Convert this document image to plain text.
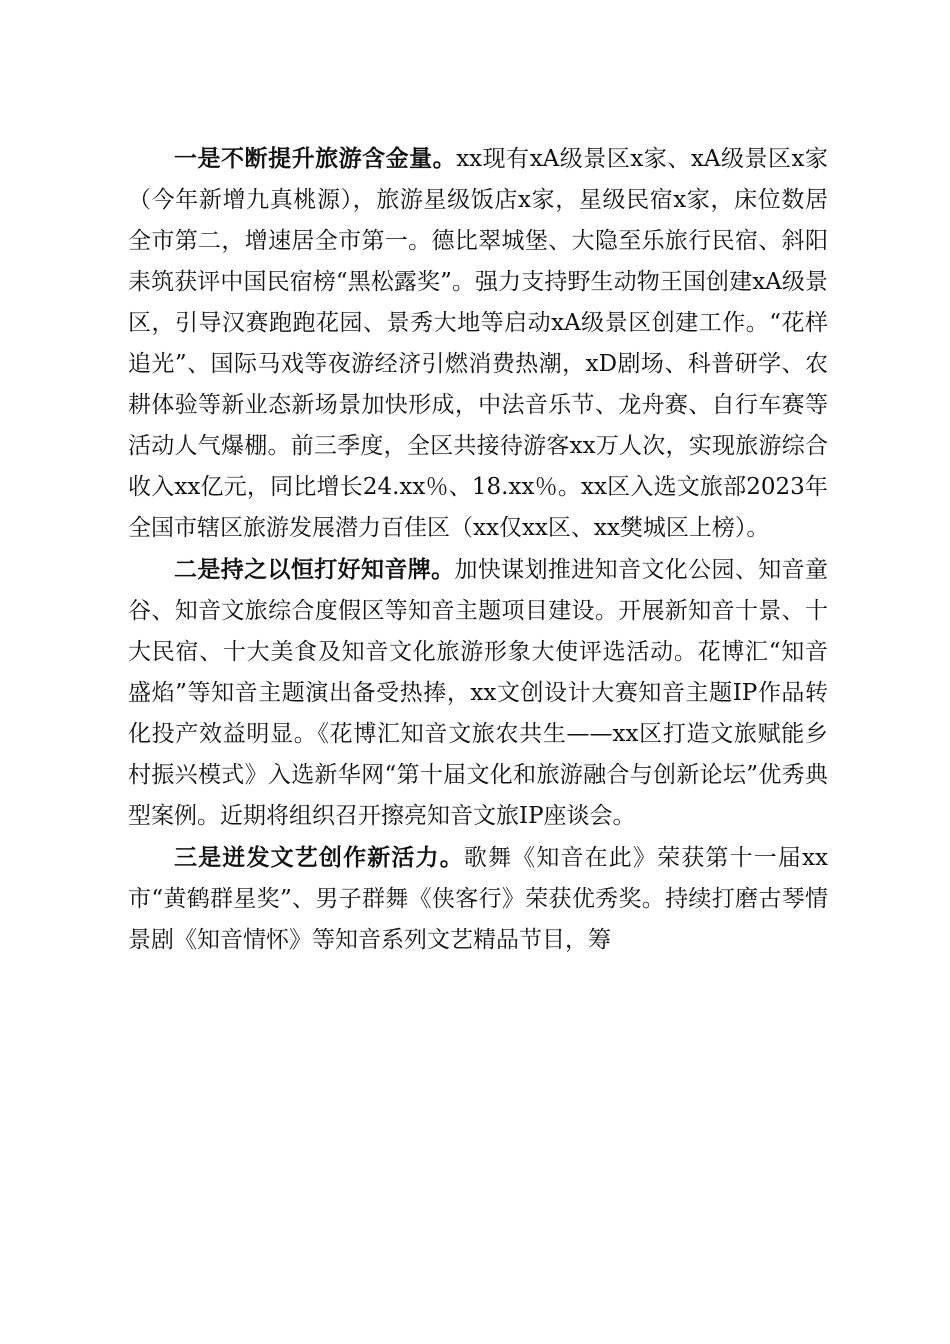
一是不断提升旅游含金量。xx现有xA级景区x家、xA级景区x家（今年新增九真桃源），旅游星级饭店x家，星级民宿x家，床位数居全市第二，增速居全市第一。德比翠城堡、大隐至乐旅行民宿、斜阳耒筑获评中国民宿榜“黑松露奖”。强力支持野生动物王国创建xA级景区，引导汉赛跑跑花园、景秀大地等启动xA级景区创建工作。“花样追光”、国际马戏等夜游经济引燃消费热潮，xD剧场、科普研学、农耕体验等新业态新场景加快形成，中法音乐节、龙舟赛、自行车赛等活动人气爆棚。前三季度，全区共接待游客xx万人次，实现旅游综合收入xx亿元，同比增长24.xx％、18.xx％。xx区入选文旅部2023年全国市辖区旅游发展潜力百佳区（xx仅xx区、xx樊城区上榜）。

二是持之以恒打好知音牌。加快谋划推进知音文化公园、知音童谷、知音文旅综合度假区等知音主题项目建设。开展新知音十景、十大民宿、十大美食及知音文化旅游形象大使评选活动。花博汇“知音盛焰”等知音主题演出备受热捧，xx文创设计大赛知音主题IP作品转化投产效益明显。《花博汇知音文旅农共生——xx区打造文旅赋能乡村振兴模式》入选新华网“第十届文化和旅游融合与创新论坛”优秀典型案例。近期将组织召开擦亮知音文旅IP座谈会。

三是迸发文艺创作新活力。歌舞《知音在此》荣获第十一届xx市“黄鹤群星奖”、男子群舞《侠客行》荣获优秀奖。持续打磨古琴情景剧《知音情怀》等知音系列文艺精品节目，筹
